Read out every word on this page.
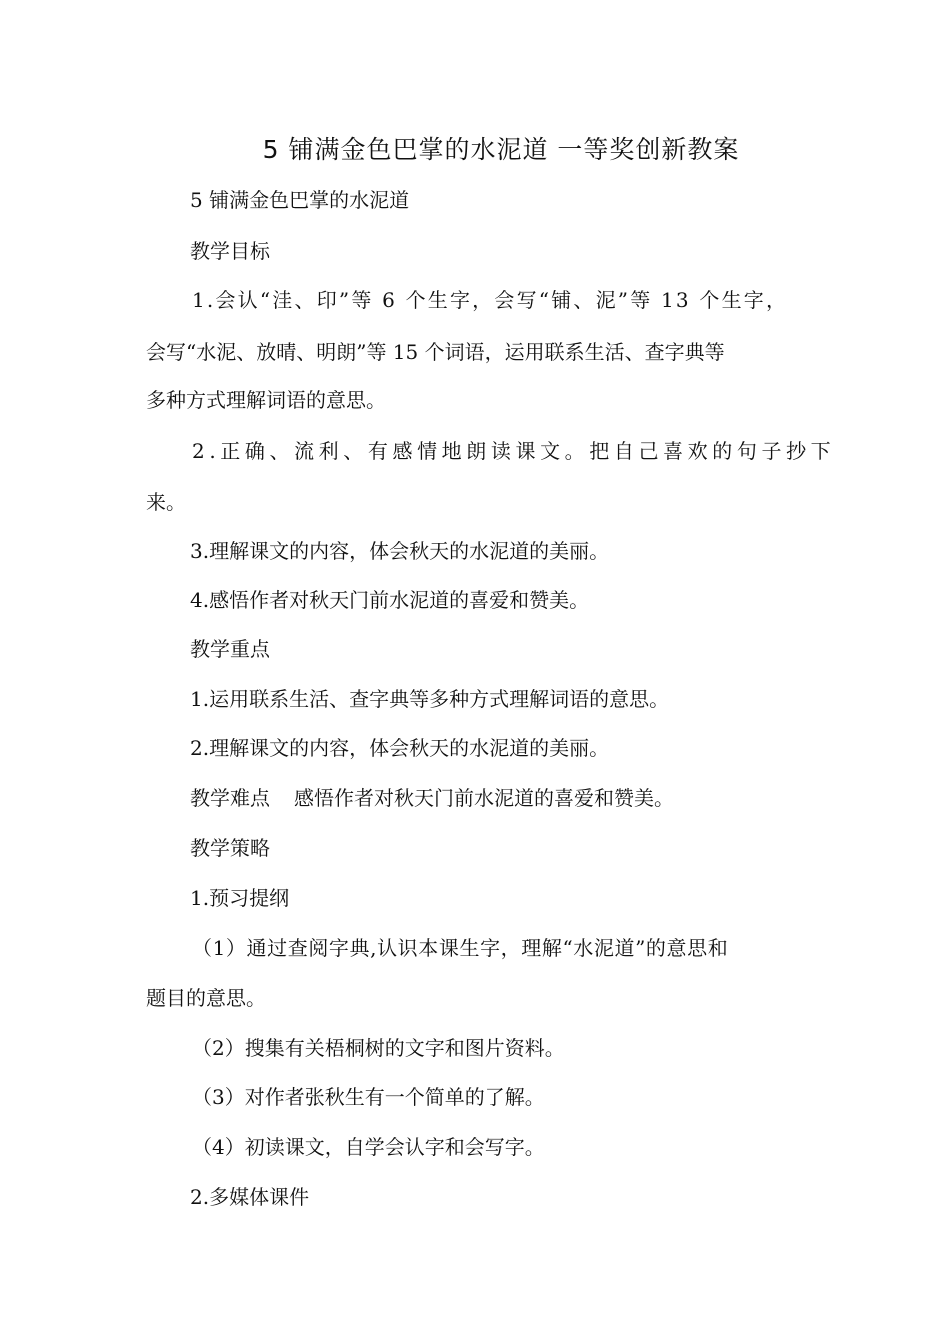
5 铺满金色巴掌的水泥道 一等奖创新教案
5 铺满金色巴掌的水泥道
教学目标
1.会认“洼、印”等 6 个生字，会写“铺、泥”等 13 个生字，
会写“水泥、放晴、明朗”等 15 个词语，运用联系生活、查字典等
多种方式理解词语的意思。
2.正确、流利、有感情地朗读课文。把自己喜欢的句子抄下
来。
3.理解课文的内容，体会秋天的水泥道的美丽。
4.感悟作者对秋天门前水泥道的喜爱和赞美。
教学重点
1.运用联系生活、查字典等多种方式理解词语的意思。
2.理解课文的内容，体会秋天的水泥道的美丽。
教学难点 感悟作者对秋天门前水泥道的喜爱和赞美。
教学策略
1.预习提纲
（1）通过查阅字典,认识本课生字，理解“水泥道”的意思和
题目的意思。
（2）搜集有关梧桐树的文字和图片资料。
（3）对作者张秋生有一个简单的了解。
（4）初读课文，自学会认字和会写字。
2.多媒体课件
